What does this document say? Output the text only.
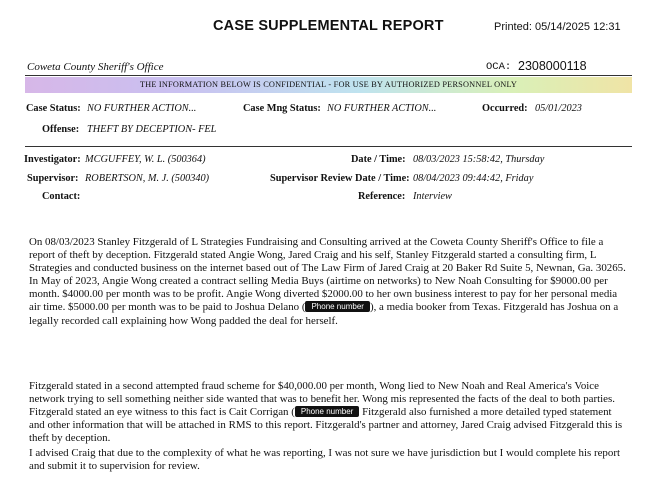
CASE SUPPLEMENTAL REPORT	Printed: 05/14/2025 12:31
Coweta County Sheriff's Office	OCA: 2308000118
THE INFORMATION BELOW IS CONFIDENTIAL - FOR USE BY AUTHORIZED PERSONNEL ONLY
Case Status: NO FURTHER ACTION...	Case Mng Status: NO FURTHER ACTION...	Occurred: 05/01/2023
Offense: THEFT BY DECEPTION- FEL
Investigator: MCGUFFEY, W. L. (500364)	Date / Time: 08/03/2023 15:58:42, Thursday
Supervisor: ROBERTSON, M. J. (500340)	Supervisor Review Date / Time: 08/04/2023 09:44:42, Friday
Contact:	Reference: Interview
On 08/03/2023 Stanley Fitzgerald of L Strategies Fundraising and Consulting arrived at the Coweta County Sheriff's Office to file a report of theft by deception. Fitzgerald stated Angie Wong, Jared Craig and his self, Stanley Fitzgerald started a consulting firm, L Strategies and conducted business on the internet based out of The Law Firm of Jared Craig at 20 Baker Rd Suite 5, Newnan, Ga. 30265. In May of 2023, Angie Wong created a contract selling Media Buys (airtime on networks) to New Noah Consulting for $9000.00 per month. $4000.00 per month was to be profit. Angie Wong diverted $2000.00 to her own business interest to pay for her personal media air time. $5000.00 per month was to be paid to Joshua Delano ( Phone number ), a media booker from Texas. Fitzgerald has Joshua on a legally recorded call explaining how Wong padded the deal for herself.
Fitzgerald stated in a second attempted fraud scheme for $40,000.00 per month, Wong lied to New Noah and Real America's Voice network trying to sell something neither side wanted that was to benefit her. Wong mis represented the facts of the deal to both parties. Fitzgerald stated an eye witness to this fact is Cait Corrigan ( Phone number Fitzgerald also furnished a more detailed typed statement and other information that will be attached in RMS to this report. Fitzgerald's partner and attorney, Jared Craig advised Fitzgerald this is theft by deception.
I advised Craig that due to the complexity of what he was reporting, I was not sure we have jurisdiction but I would complete his report and submit it to supervision for review.
